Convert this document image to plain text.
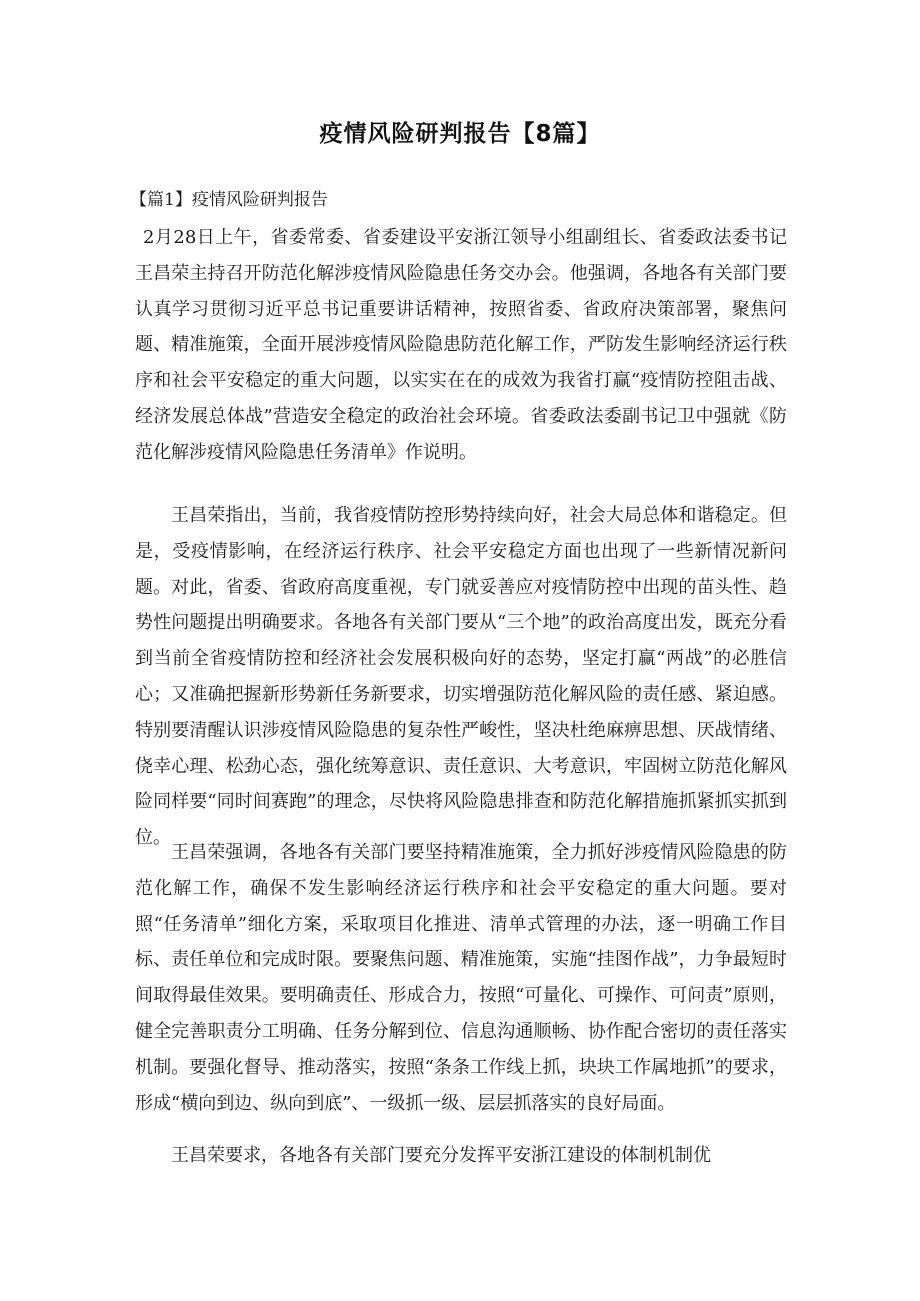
疫情风险研判报告【8篇】
【篇1】疫情风险研判报告

2月28日上午，省委常委、省委建设平安浙江领导小组副组长、省委政法委书记王昌荣主持召开防范化解涉疫情风险隐患任务交办会。他强调，各地各有关部门要认真学习贯彻习近平总书记重要讲话精神，按照省委、省政府决策部署，聚焦问题、精准施策，全面开展涉疫情风险隐患防范化解工作，严防发生影响经济运行秩序和社会平安稳定的重大问题，以实实在在的成效为我省打赢“疫情防控阻击战、经济发展总体战”营造安全稳定的政治社会环境。省委政法委副书记卫中强就《防范化解涉疫情风险隐患任务清单》作说明。

王昌荣指出，当前，我省疫情防控形势持续向好，社会大局总体和谐稳定。但是，受疫情影响，在经济运行秩序、社会平安稳定方面也出现了一些新情况新问题。对此，省委、省政府高度重视，专门就妥善应对疫情防控中出现的苗头性、趋势性问题提出明确要求。各地各有关部门要从“三个地”的政治高度出发，既充分看到当前全省疫情防控和经济社会发展积极向好的态势，坚定打赢“两战”的必胜信心；又准确把握新形势新任务新要求，切实增强防范化解风险的责任感、紧迫感。特别要清醒认识涉疫情风险隐患的复杂性严峻性，坚决杜绝麻痹思想、厌战情绪、侥幸心理、松劲心态，强化统筹意识、责任意识、大考意识，牢固树立防范化解风险同样要“同时间赛跑”的理念，尽快将风险隐患排查和防范化解措施抓紧抓实抓到位。

王昌荣强调，各地各有关部门要坚持精准施策，全力抓好涉疫情风险隐患的防范化解工作，确保不发生影响经济运行秩序和社会平安稳定的重大问题。要对照“任务清单”细化方案，采取项目化推进、清单式管理的办法，逐一明确工作目标、责任单位和完成时限。要聚焦问题、精准施策，实施“挂图作战”，力争最短时间取得最佳效果。要明确责任、形成合力，按照“可量化、可操作、可问责”原则，健全完善职责分工明确、任务分解到位、信息沟通顺畅、协作配合密切的责任落实机制。要强化督导、推动落实，按照“条条工作线上抓，块块工作属地抓”的要求，形成“横向到边、纵向到底”、一级抓一级、层层抓落实的良好局面。

王昌荣要求，各地各有关部门要充分发挥平安浙江建设的体制机制优
